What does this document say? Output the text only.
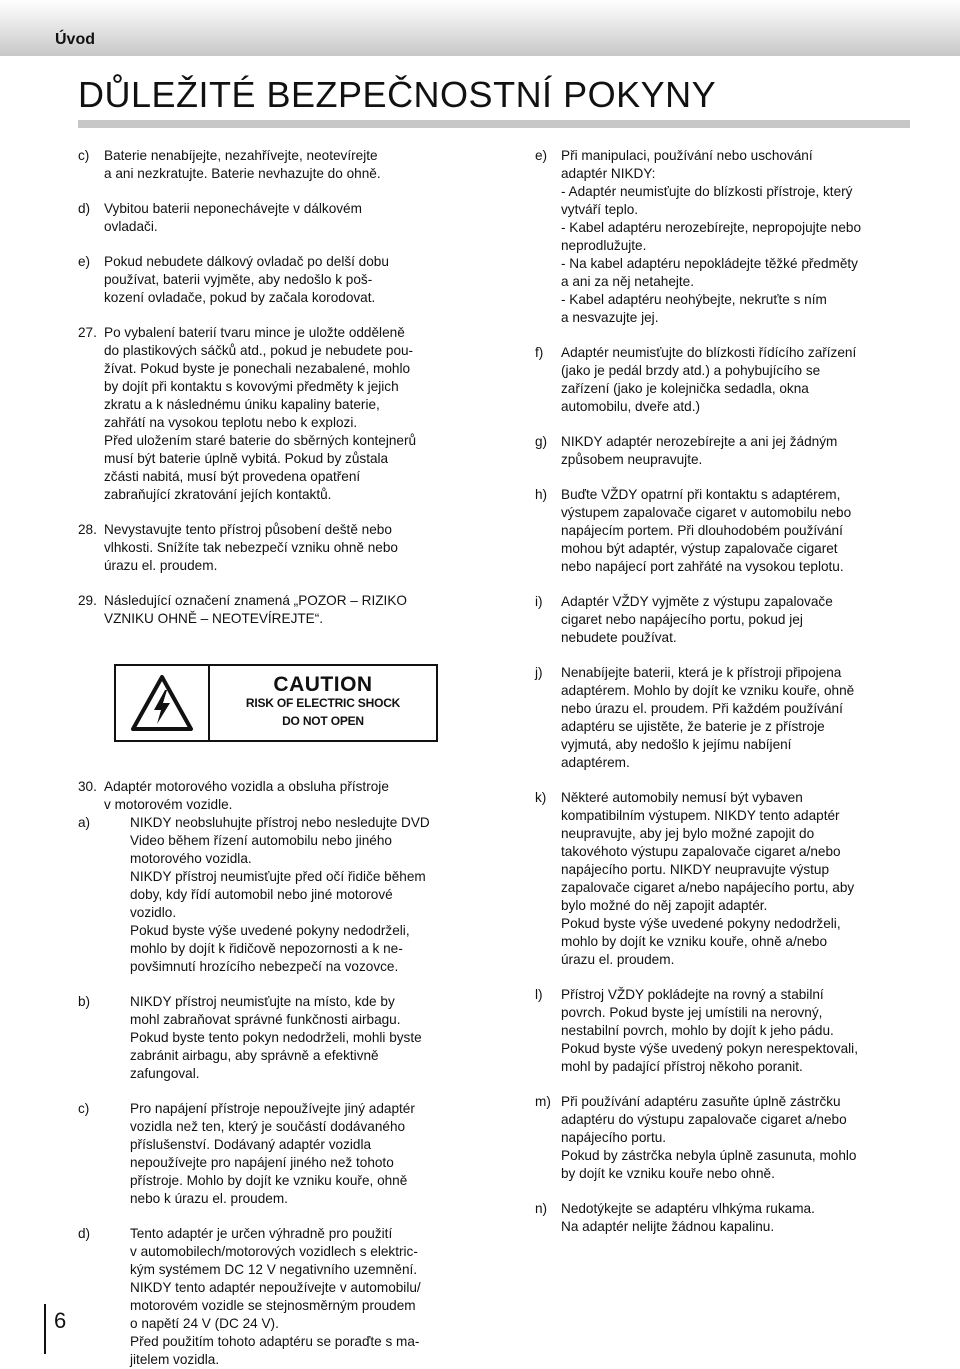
Úvod
DŮLEŽITÉ BEZPEČNOSTNÍ POKYNY
c)	Baterie nenabíjejte, nezahřívejte, neotevírejte
a ani nezkratujte. Baterie nevhazujte do ohně.
d)	Vybitou baterii neponechávejte v dálkovém
ovladači.
e)	Pokud nebudete dálkový ovladač po delší dobu
používat, baterii vyjměte, aby nedošlo k poš-
kození ovladače, pokud by začala korodovat.
27. Po vybalení baterií tvaru mince je uložte odděleně
do plastikových sáčků atd., pokud je nebudete pou-
žívat. Pokud byste je ponechali nezabalené, mohlo
by dojít při kontaktu s kovovými předměty k jejich
zkratu a k následnému úniku kapaliny baterie,
zahřátí na vysokou teplotu nebo k explozi.
Před uložením staré baterie do sběrných kontejnerů
musí být baterie úplně vybitá. Pokud by zůstala
zčásti nabitá, musí být provedena opatření
zabraňující zkratování jejích kontaktů.
28. Nevystavujte tento přístroj působení deště nebo
vlhkosti. Snížíte tak nebezpečí vzniku ohně nebo
úrazu el. proudem.
29. Následující označení znamená „POZOR – RIZIKO
VZNIKU OHNĚ – NEOTEVÍREJTE“.
CAUTION
RISK OF ELECTRIC SHOCK
DO NOT OPEN
30. Adaptér motorového vozidla a obsluha přístroje
v motorovém vozidle.
a)	NIKDY neobsluhujte přístroj nebo nesledujte DVD
Video během řízení automobilu nebo jiného
motorového vozidla.
NIKDY přístroj neumisťujte před očí řidiče během
doby, kdy řídí automobil nebo jiné motorové
vozidlo.
Pokud byste výše uvedené pokyny nedodrželi,
mohlo by dojít k řidičově nepozornosti a k ne-
povšimnutí hrozícího nebezpečí na vozovce.
b)	NIKDY přístroj neumisťujte na místo, kde by
mohl zabraňovat správné funkčnosti airbagu.
Pokud byste tento pokyn nedodrželi, mohli byste
zabránit airbagu, aby správně a efektivně
zafungoval.
c)	Pro napájení přístroje nepoužívejte jiný adaptér
vozidla než ten, který je součástí dodávaného
příslušenství. Dodávaný adaptér vozidla
nepoužívejte pro napájení jiného než tohoto
přístroje. Mohlo by dojít ke vzniku kouře, ohně
nebo k úrazu el. proudem.
d)	Tento adaptér je určen výhradně pro použití
v automobilech/motorových vozidlech s elektric-
kým systémem DC 12 V negativního uzemnění.
NIKDY tento adaptér nepoužívejte v automobilu/
motorovém vozidle se stejnosměrným proudem
o napětí 24 V (DC 24 V).
Před použitím tohoto adaptéru se poraďte s ma-
jitelem vozidla.
e)	Při manipulaci, používání nebo uschování
adaptér NIKDY:
- Adaptér neumisťujte do blízkosti přístroje, který
vytváří teplo.
- Kabel adaptéru nerozebírejte, nepropojujte nebo
neprodlužujte.
- Na kabel adaptéru nepokládejte těžké předměty
a ani za něj netahejte.
- Kabel adaptéru neohýbejte, nekruťte s ním
a nesvazujte jej.
f)	Adaptér neumisťujte do blízkosti řídícího zařízení
(jako je pedál brzdy atd.) a pohybujícího se
zařízení (jako je kolejnička sedadla, okna
automobilu, dveře atd.)
g)	NIKDY adaptér nerozebírejte a ani jej žádným
způsobem neupravujte.
h)	Buďte VŽDY opatrní při kontaktu s adaptérem,
výstupem zapalovače cigaret v automobilu nebo
napájecím portem. Při dlouhodobém používání
mohou být adaptér, výstup zapalovače cigaret
nebo napájecí port zahřáté na vysokou teplotu.
i)	Adaptér VŽDY vyjměte z výstupu zapalovače
cigaret nebo napájecího portu, pokud jej
nebudete používat.
j)	Nenabíjejte baterii, která je k přístroji připojena
adaptérem. Mohlo by dojít ke vzniku kouře, ohně
nebo úrazu el. proudem. Při každém používání
adaptéru se ujistěte, že baterie je z přístroje
vyjmutá, aby nedošlo k jejímu nabíjení
adaptérem.
k)	Některé automobily nemusí být vybaven
kompatibilním výstupem. NIKDY tento adaptér
neupravujte, aby jej bylo možné zapojit do
takovéhoto výstupu zapalovače cigaret a/nebo
napájecího portu. NIKDY neupravujte výstup
zapalovače cigaret a/nebo napájecího portu, aby
bylo možné do něj zapojit adaptér.
Pokud byste výše uvedené pokyny nedodrželi,
mohlo by dojít ke vzniku kouře, ohně a/nebo
úrazu el. proudem.
l)	Přístroj VŽDY pokládejte na rovný a stabilní
povrch. Pokud byste jej umístili na nerovný,
nestabilní povrch, mohlo by dojít k jeho pádu.
Pokud byste výše uvedený pokyn nerespektovali,
mohl by padající přístroj někoho poranit.
m) Při používání adaptéru zasuňte úplně zástrčku
adaptéru do výstupu zapalovače cigaret a/nebo
napájecího portu.
Pokud by zástrčka nebyla úplně zasunuta, mohlo
by dojít ke vzniku kouře nebo ohně.
n)	Nedotýkejte se adaptéru vlhkýma rukama.
Na adaptér nelijte žádnou kapalinu.
6
